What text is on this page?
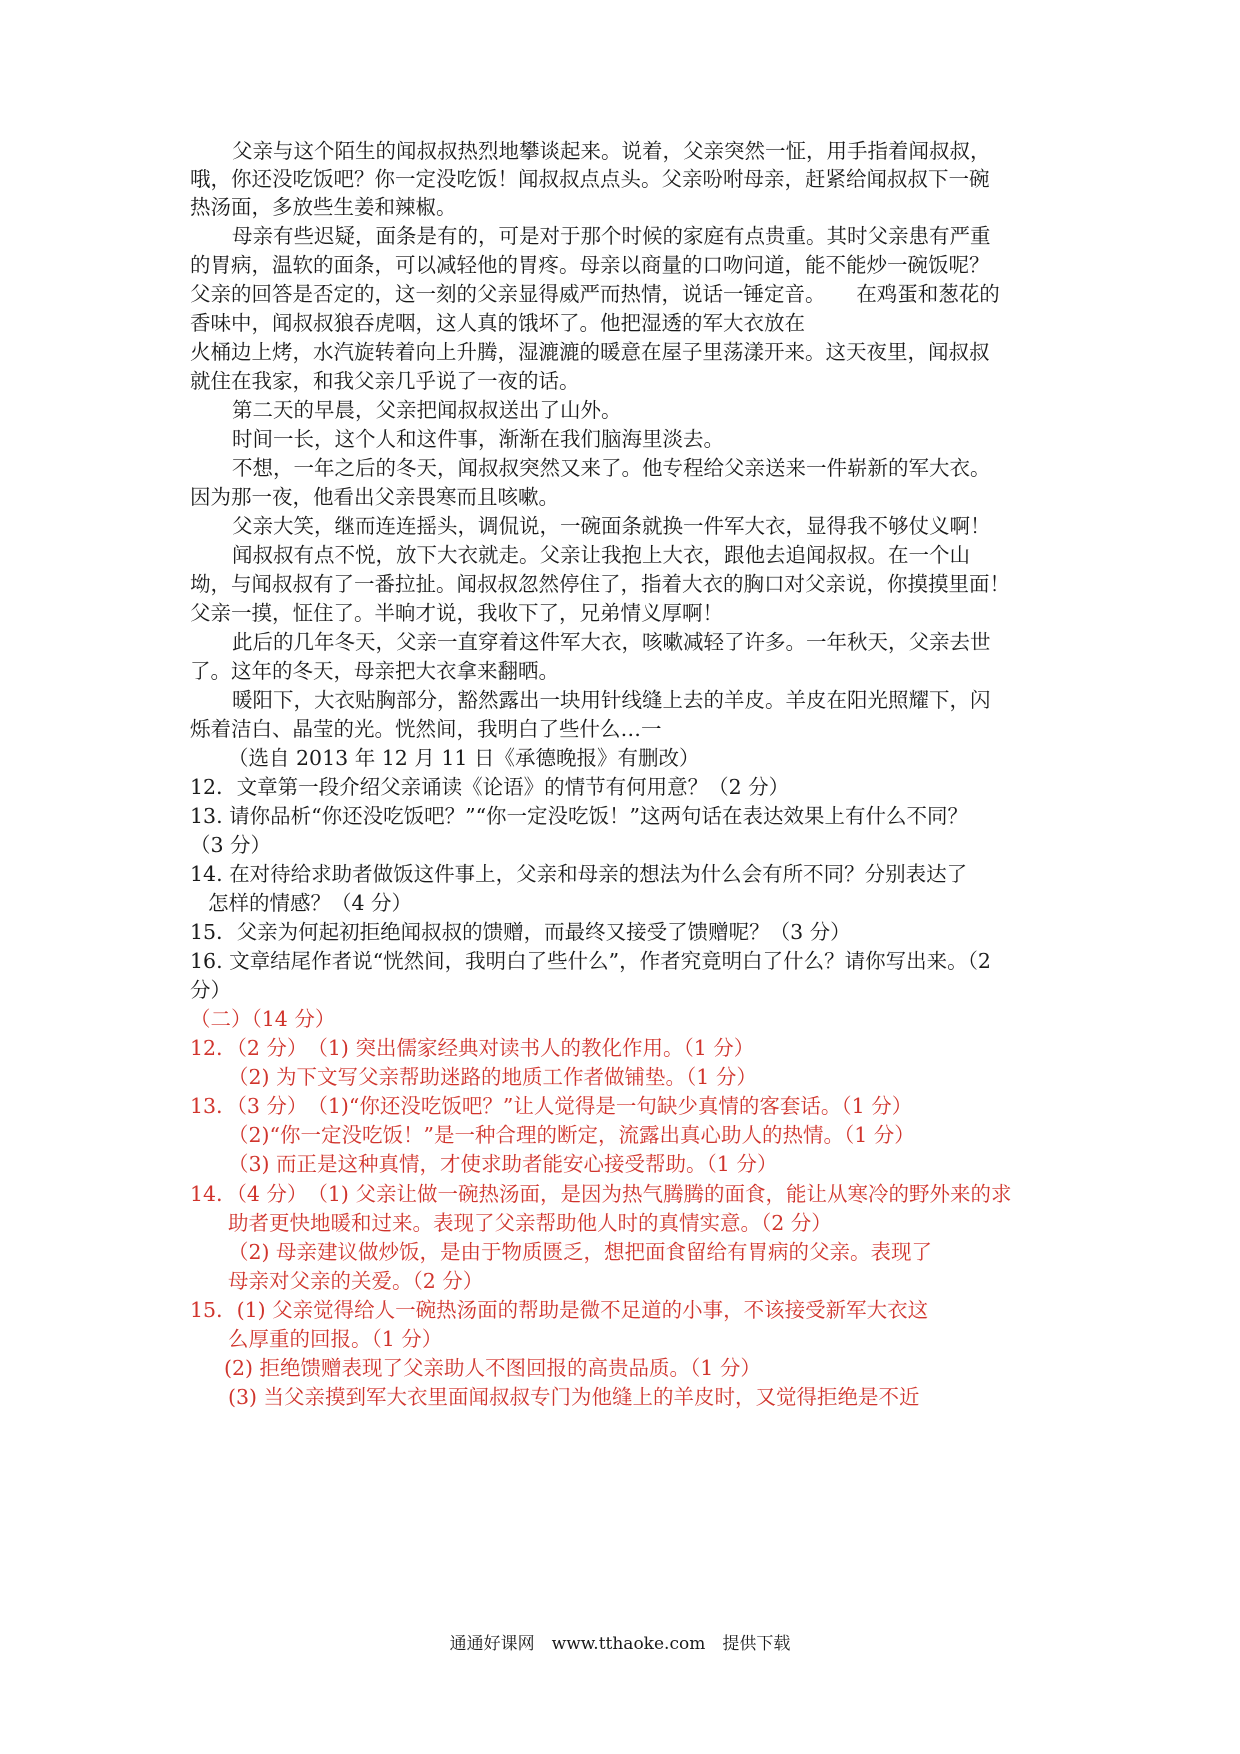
父亲与这个陌生的闻叔叔热烈地攀谈起来。说着，父亲突然一怔，用手指着闻叔叔，
哦，你还没吃饭吧？你一定没吃饭！闻叔叔点点头。父亲吩咐母亲，赶紧给闻叔叔下一碗
热汤面，多放些生姜和辣椒。
母亲有些迟疑，面条是有的，可是对于那个时候的家庭有点贵重。其时父亲患有严重
的胃病，温软的面条，可以减轻他的胃疼。母亲以商量的口吻问道，能不能炒一碗饭呢？
父亲的回答是否定的，这一刻的父亲显得威严而热情，说话一锤定音。　　在鸡蛋和葱花的
香味中，闻叔叔狼吞虎咽，这人真的饿坏了。他把湿透的军大衣放在
火桶边上烤，水汽旋转着向上升腾，湿漉漉的暖意在屋子里荡漾开来。这天夜里，闻叔叔
就住在我家，和我父亲几乎说了一夜的话。
第二天的早晨，父亲把闻叔叔送出了山外。
时间一长，这个人和这件事，渐渐在我们脑海里淡去。
不想，一年之后的冬天，闻叔叔突然又来了。他专程给父亲送来一件崭新的军大衣。
因为那一夜，他看出父亲畏寒而且咳嗽。
父亲大笑，继而连连摇头，调侃说，一碗面条就换一件军大衣，显得我不够仗义啊！
闻叔叔有点不悦，放下大衣就走。父亲让我抱上大衣，跟他去追闻叔叔。在一个山
坳，与闻叔叔有了一番拉扯。闻叔叔忽然停住了，指着大衣的胸口对父亲说，你摸摸里面！
父亲一摸，怔住了。半晌才说，我收下了，兄弟情义厚啊！
此后的几年冬天，父亲一直穿着这件军大衣，咳嗽减轻了许多。一年秋天，父亲去世
了。这年的冬天，母亲把大衣拿来翻晒。
暖阳下，大衣贴胸部分，豁然露出一块用针线缝上去的羊皮。羊皮在阳光照耀下，闪
烁着洁白、晶莹的光。恍然间，我明白了些什么…一
（选自 2013 年 12 月 11 日《承德晚报》有删改）
12．文章第一段介绍父亲诵读《论语》的情节有何用意？（2 分）
13. 请你品析“你还没吃饭吧？”“你一定没吃饭！”这两句话在表达效果上有什么不同？
（3 分）
14. 在对待给求助者做饭这件事上，父亲和母亲的想法为什么会有所不同？分别表达了
怎样的情感？（4 分）
15．父亲为何起初拒绝闻叔叔的馈赠，而最终又接受了馈赠呢？（3 分）
16. 文章结尾作者说“恍然间，我明白了些什么”，作者究竟明白了什么？请你写出来。（2
分）
（二）（14 分）
12．（2 分）　（1) 突出儒家经典对读书人的教化作用。（1 分）
（2) 为下文写父亲帮助迷路的地质工作者做铺垫。（1 分）
13．（3 分）　（1)“你还没吃饭吧？”让人觉得是一句缺少真情的客套话。（1 分）
（2)“你一定没吃饭！”是一种合理的断定，流露出真心助人的热情。（1 分）
（3) 而正是这种真情，才使求助者能安心接受帮助。（1 分）
14．（4 分）　（1) 父亲让做一碗热汤面，是因为热气腾腾的面食，能让从寒冷的野外来的求
助者更快地暖和过来。表现了父亲帮助他人时的真情实意。（2 分）
（2) 母亲建议做炒饭，是由于物质匮乏，想把面食留给有胃病的父亲。表现了
母亲对父亲的关爱。（2 分）
15．(1) 父亲觉得给人一碗热汤面的帮助是微不足道的小事，不该接受新军大衣这
么厚重的回报。（1 分）
(2) 拒绝馈赠表现了父亲助人不图回报的高贵品质。（1 分）
(3) 当父亲摸到军大衣里面闻叔叔专门为他缝上的羊皮时，又觉得拒绝是不近
通通好课网　www.tthaoke.com　提供下载
